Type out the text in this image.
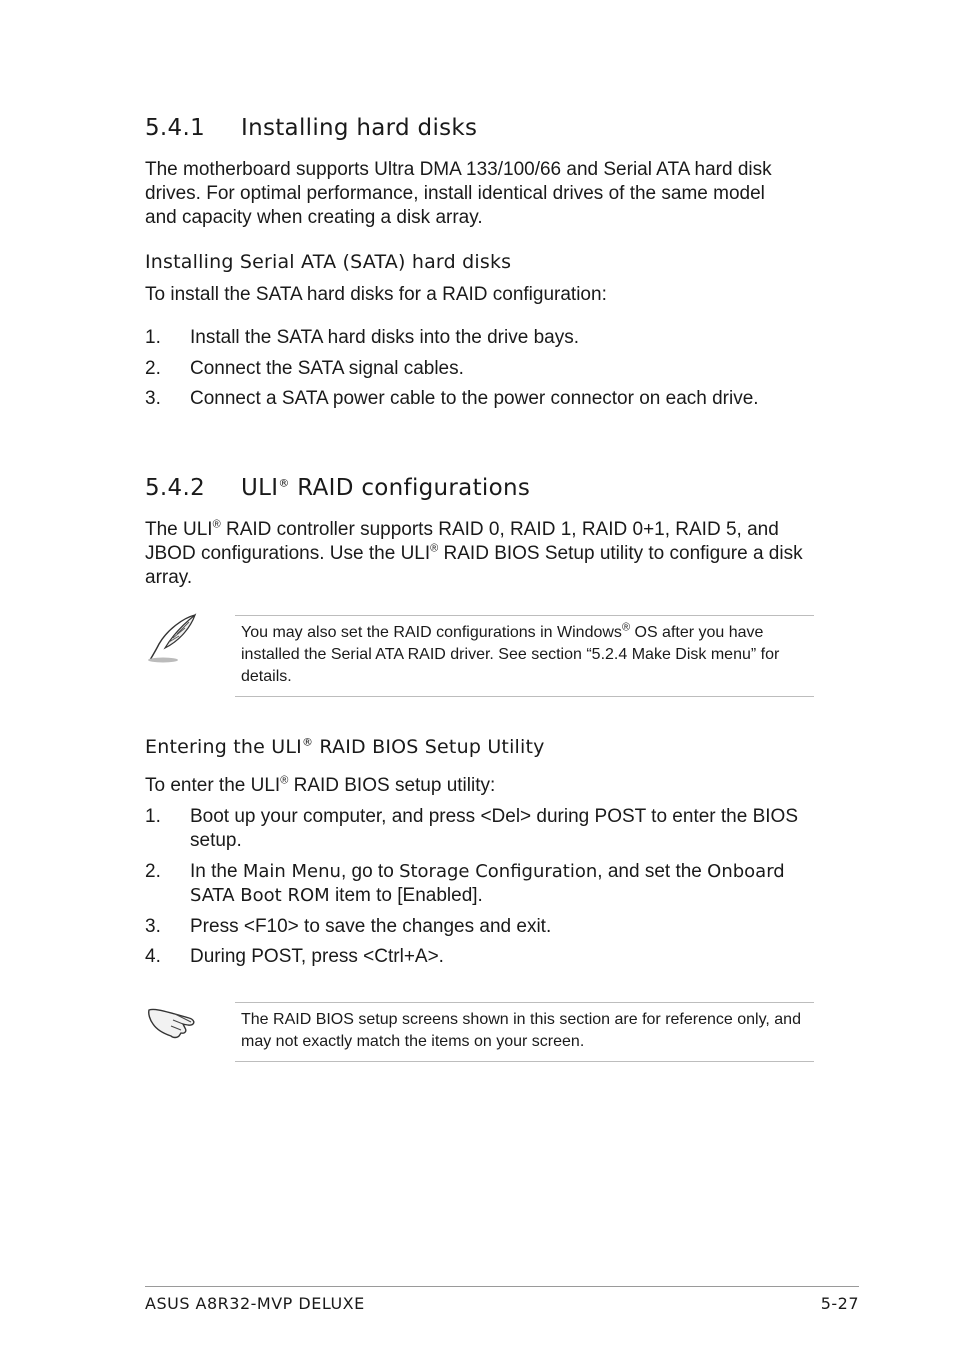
5.4.1 Installing hard disks

The motherboard supports Ultra DMA 133/100/66 and Serial ATA hard disk drives. For optimal performance, install identical drives of the same model and capacity when creating a disk array.

Installing Serial ATA (SATA) hard disks

To install the SATA hard disks for a RAID configuration:

1. Install the SATA hard disks into the drive bays.
2. Connect the SATA signal cables.
3. Connect a SATA power cable to the power connector on each drive.
5.4.2 ULI® RAID configurations

The ULI® RAID controller supports RAID 0, RAID 1, RAID 0+1, RAID 5, and JBOD configurations. Use the ULI® RAID BIOS Setup utility to configure a disk array.

You may also set the RAID configurations in Windows® OS after you have installed the Serial ATA RAID driver. See section “5.2.4 Make Disk menu” for details.
Entering the ULI® RAID BIOS Setup Utility

To enter the ULI® RAID BIOS setup utility:

1. Boot up your computer, and press <Del> during POST to enter the BIOS setup.
2. In the Main Menu, go to Storage Configuration, and set the Onboard SATA Boot ROM item to [Enabled].
3. Press <F10> to save the changes and exit.
4. During POST, press <Ctrl+A>.
The RAID BIOS setup screens shown in this section are for reference only, and may not exactly match the items on your screen.
ASUS A8R32-MVP DELUXE	5-27
